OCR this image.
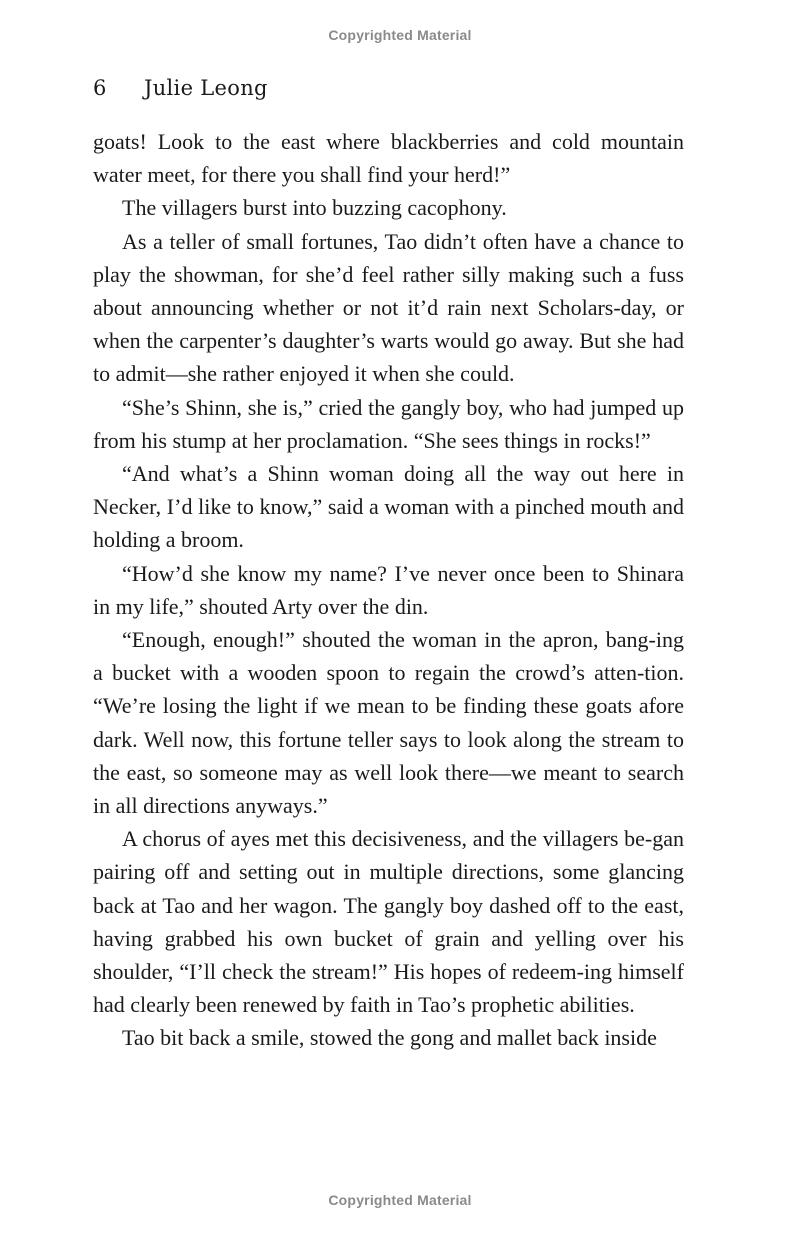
Copyrighted Material
6 Julie Leong

goats! Look to the east where blackberries and cold mountain water meet, for there you shall find your herd!”

The villagers burst into buzzing cacophony.

As a teller of small fortunes, Tao didn’t often have a chance to play the showman, for she’d feel rather silly making such a fuss about announcing whether or not it’d rain next Scholars-day, or when the carpenter’s daughter’s warts would go away. But she had to admit—she rather enjoyed it when she could.

“She’s Shinn, she is,” cried the gangly boy, who had jumped up from his stump at her proclamation. “She sees things in rocks!”

“And what’s a Shinn woman doing all the way out here in Necker, I’d like to know,” said a woman with a pinched mouth and holding a broom.

“How’d she know my name? I’ve never once been to Shinara in my life,” shouted Arty over the din.

“Enough, enough!” shouted the woman in the apron, bang-ing a bucket with a wooden spoon to regain the crowd’s atten-tion. “We’re losing the light if we mean to be finding these goats afore dark. Well now, this fortune teller says to look along the stream to the east, so someone may as well look there—we meant to search in all directions anyways.”

A chorus of ayes met this decisiveness, and the villagers be-gan pairing off and setting out in multiple directions, some glancing back at Tao and her wagon. The gangly boy dashed off to the east, having grabbed his own bucket of grain and yelling over his shoulder, “I’ll check the stream!” His hopes of redeem-ing himself had clearly been renewed by faith in Tao’s prophetic abilities.

Tao bit back a smile, stowed the gong and mallet back inside

Copyrighted Material
